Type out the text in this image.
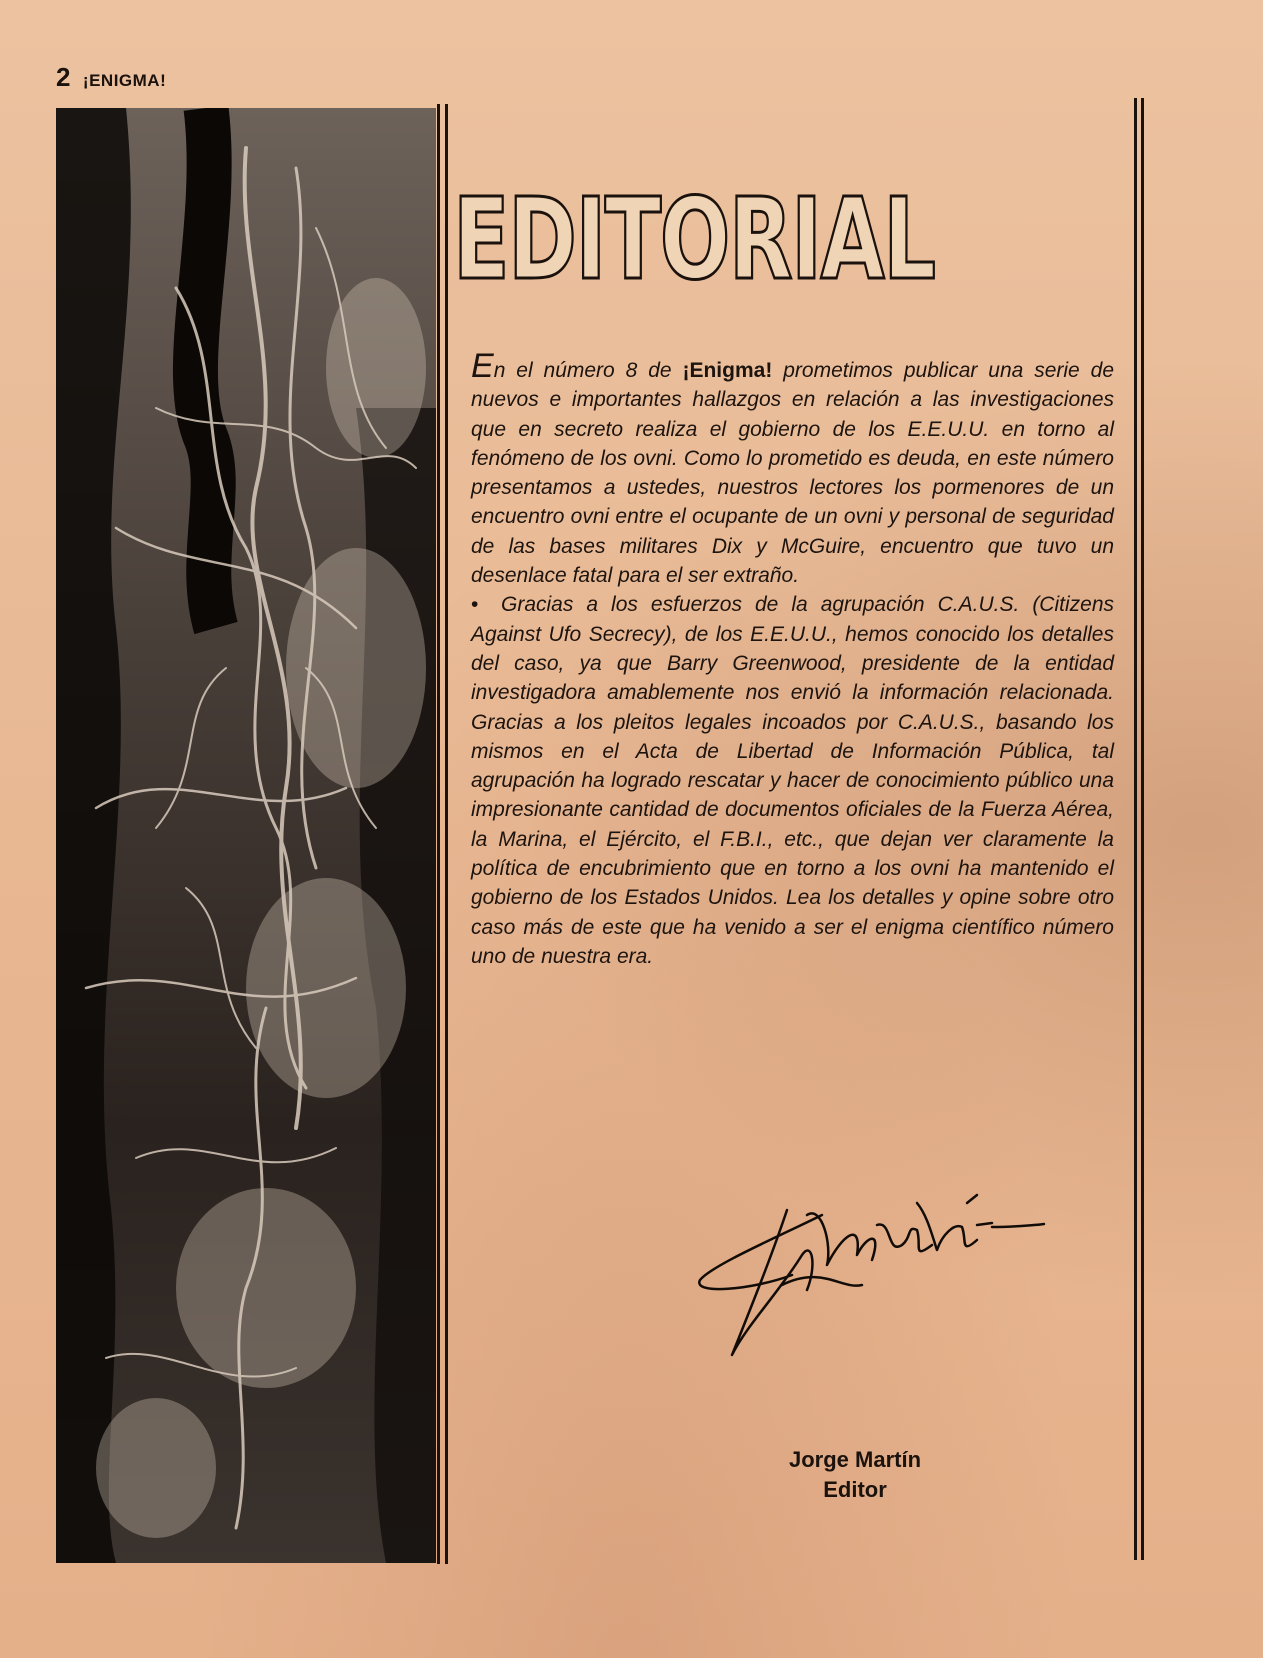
2 ¡ENIGMA!
EDITORIAL

En el número 8 de ¡Enigma! prometimos publicar una serie de nuevos e importantes hallazgos en relación a las investigaciones que en secreto realiza el gobierno de los E.E.U.U. en torno al fenómeno de los ovni. Como lo prometido es deuda, en este número presentamos a ustedes, nuestros lectores los pormenores de un encuentro ovni entre el ocupante de un ovni y personal de seguridad de las bases militares Dix y McGuire, encuentro que tuvo un desenlace fatal para el ser extraño.

• Gracias a los esfuerzos de la agrupación C.A.U.S. (Citizens Against Ufo Secrecy), de los E.E.U.U., hemos conocido los detalles del caso, ya que Barry Greenwood, presidente de la entidad investigadora amablemente nos envió la información relacionada. Gracias a los pleitos legales incoados por C.A.U.S., basando los mismos en el Acta de Libertad de Información Pública, tal agrupación ha logrado rescatar y hacer de conocimiento público una impresionante cantidad de documentos oficiales de la Fuerza Aérea, la Marina, el Ejército, el F.B.I., etc., que dejan ver claramente la política de encubrimiento que en torno a los ovni ha mantenido el gobierno de los Estados Unidos. Lea los detalles y opine sobre otro caso más de este que ha venido a ser el enigma científico número uno de nuestra era.

Jorge Martín
Editor
